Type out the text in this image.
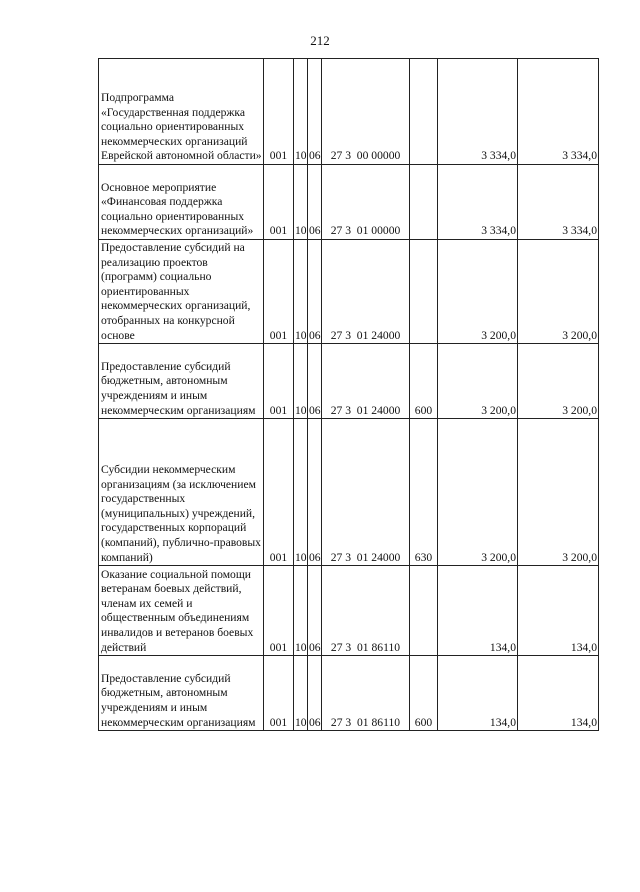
212
Подпрограмма «Государственная поддержка социально ориентированных некоммерческих организаций Еврейской автономной области»	001	10	06	27 3  00 00000		3 334,0	3 334,0
Основное мероприятие «Финансовая поддержка социально ориентированных некоммерческих организаций»	001	10	06	27 3  01 00000		3 334,0	3 334,0
Предоставление субсидий на реализацию проектов (программ) социально ориентированных некоммерческих организаций, отобранных на конкурсной основе	001	10	06	27 3  01 24000		3 200,0	3 200,0
Предоставление субсидий бюджетным, автономным учреждениям и иным некоммерческим организациям	001	10	06	27 3  01 24000	600	3 200,0	3 200,0
Субсидии некоммерческим организациям (за исключением государственных (муниципальных) учреждений, государственных корпораций (компаний), публично-правовых компаний)	001	10	06	27 3  01 24000	630	3 200,0	3 200,0
Оказание социальной помощи ветеранам боевых действий, членам их семей и общественным объединениям инвалидов и ветеранов боевых действий	001	10	06	27 3  01 86110		134,0	134,0
Предоставление субсидий бюджетным, автономным учреждениям и иным некоммерческим организациям	001	10	06	27 3  01 86110	600	134,0	134,0
